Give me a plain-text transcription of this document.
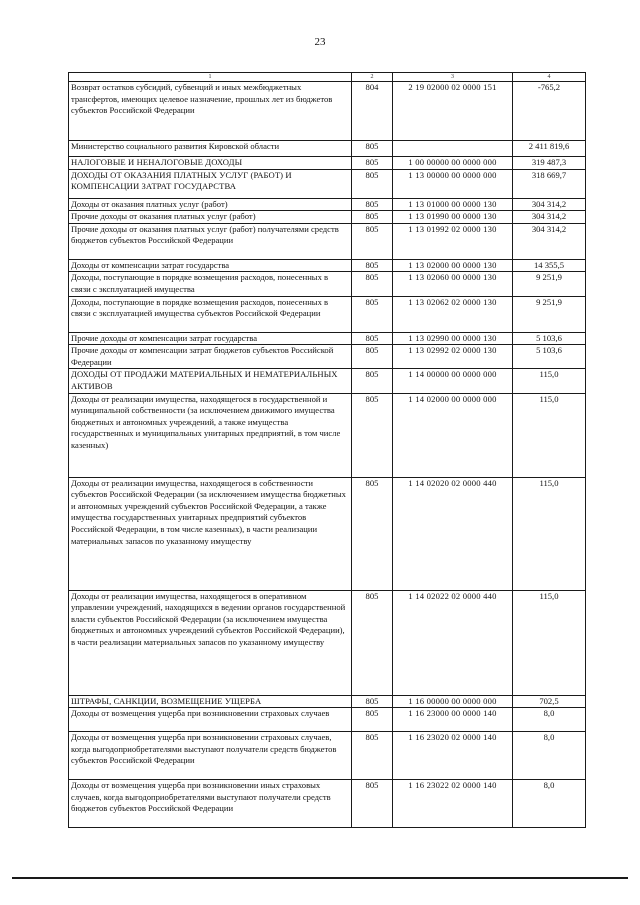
23
1	2	3	4
Возврат остатков субсидий, субвенций и иных межбюджетных трансфертов, имеющих целевое назначение, прошлых лет из бюджетов субъектов Российской Федерации	804	2 19 02000 02 0000 151	-765,2
Министерство социального развития Кировской области	805		2 411 819,6
НАЛОГОВЫЕ И НЕНАЛОГОВЫЕ ДОХОДЫ	805	1 00 00000 00 0000 000	319 487,3
ДОХОДЫ ОТ ОКАЗАНИЯ ПЛАТНЫХ УСЛУГ (РАБОТ) И КОМПЕНСАЦИИ ЗАТРАТ ГОСУДАРСТВА	805	1 13 00000 00 0000 000	318 669,7
Доходы от оказания платных услуг (работ)	805	1 13 01000 00 0000 130	304 314,2
Прочие доходы от оказания платных услуг (работ)	805	1 13 01990 00 0000 130	304 314,2
Прочие доходы от оказания платных услуг (работ) получателями средств бюджетов субъектов Российской Федерации	805	1 13 01992 02 0000 130	304 314,2
Доходы от компенсации затрат государства	805	1 13 02000 00 0000 130	14 355,5
Доходы, поступающие в порядке возмещения расходов, понесенных в связи с эксплуатацией имущества	805	1 13 02060 00 0000 130	9 251,9
Доходы, поступающие в порядке возмещения расходов, понесенных в связи с эксплуатацией имущества субъектов Российской Федерации	805	1 13 02062 02 0000 130	9 251,9
Прочие доходы от компенсации затрат государства	805	1 13 02990 00 0000 130	5 103,6
Прочие доходы от компенсации затрат бюджетов субъектов Российской Федерации	805	1 13 02992 02 0000 130	5 103,6
ДОХОДЫ ОТ ПРОДАЖИ МАТЕРИАЛЬНЫХ И НЕМАТЕРИАЛЬНЫХ АКТИВОВ	805	1 14 00000 00 0000 000	115,0
Доходы от реализации имущества, находящегося в государственной и муниципальной собственности (за исключением движимого имущества бюджетных и автономных учреждений, а также имущества государственных и муниципальных унитарных предприятий, в том числе казенных)	805	1 14 02000 00 0000 000	115,0
Доходы от реализации имущества, находящегося в собственности субъектов Российской Федерации (за исключением имущества бюджетных и автономных учреждений субъектов Российской Федерации, а также имущества государственных унитарных предприятий субъектов Российской Федерации, в том числе казенных), в части реализации материальных запасов по указанному имуществу	805	1 14 02020 02 0000 440	115,0
Доходы от реализации имущества, находящегося в оперативном управлении учреждений, находящихся в ведении органов государственной власти субъектов Российской Федерации (за исключением имущества бюджетных и автономных учреждений субъектов Российской Федерации), в части реализации материальных запасов по указанному имуществу	805	1 14 02022 02 0000 440	115,0
ШТРАФЫ, САНКЦИИ, ВОЗМЕЩЕНИЕ УЩЕРБА	805	1 16 00000 00 0000 000	702,5
Доходы от возмещения ущерба при возникновении страховых случаев	805	1 16 23000 00 0000 140	8,0
Доходы от возмещения ущерба при возникновении страховых случаев, когда выгодоприобретателями выступают получатели средств бюджетов субъектов Российской Федерации	805	1 16 23020 02 0000 140	8,0
Доходы от возмещения ущерба при возникновении иных страховых случаев, когда выгодоприобретателями выступают получатели средств бюджетов субъектов Российской Федерации	805	1 16 23022 02 0000 140	8,0
